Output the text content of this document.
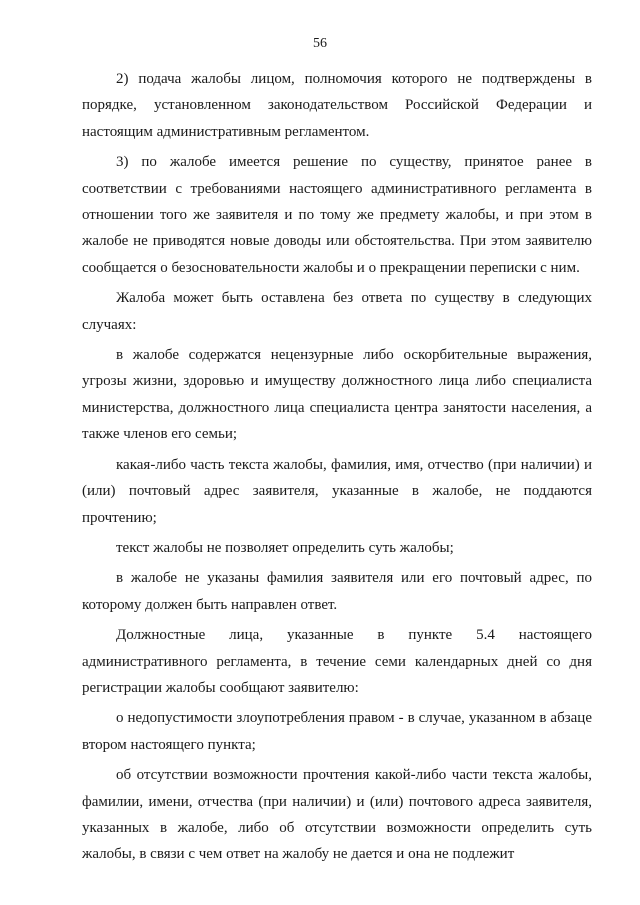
56

2) подача жалобы лицом, полномочия которого не подтверждены в порядке, установленном законодательством Российской Федерации и настоящим административным регламентом.

3) по жалобе имеется решение по существу, принятое ранее в соответствии с требованиями настоящего административного регламента в отношении того же заявителя и по тому же предмету жалобы, и при этом в жалобе не приводятся новые доводы или обстоятельства. При этом заявителю сообщается о безосновательности жалобы и о прекращении переписки с ним.

Жалоба может быть оставлена без ответа по существу в следующих случаях:

в жалобе содержатся нецензурные либо оскорбительные выражения, угрозы жизни, здоровью и имуществу должностного лица либо специалиста министерства, должностного лица специалиста центра занятости населения, а также членов его семьи;

какая-либо часть текста жалобы, фамилия, имя, отчество (при наличии) и (или) почтовый адрес заявителя, указанные в жалобе, не поддаются прочтению;

текст жалобы не позволяет определить суть жалобы;

в жалобе не указаны фамилия заявителя или его почтовый адрес, по которому должен быть направлен ответ.

Должностные лица, указанные в пункте 5.4 настоящего административного регламента, в течение семи календарных дней со дня регистрации жалобы сообщают заявителю:

о недопустимости злоупотребления правом - в случае, указанном в абзаце втором настоящего пункта;

об отсутствии возможности прочтения какой-либо части текста жалобы, фамилии, имени, отчества (при наличии) и (или) почтового адреса заявителя, указанных в жалобе, либо об отсутствии возможности определить суть жалобы, в связи с чем ответ на жалобу не дается и она не подлежит
